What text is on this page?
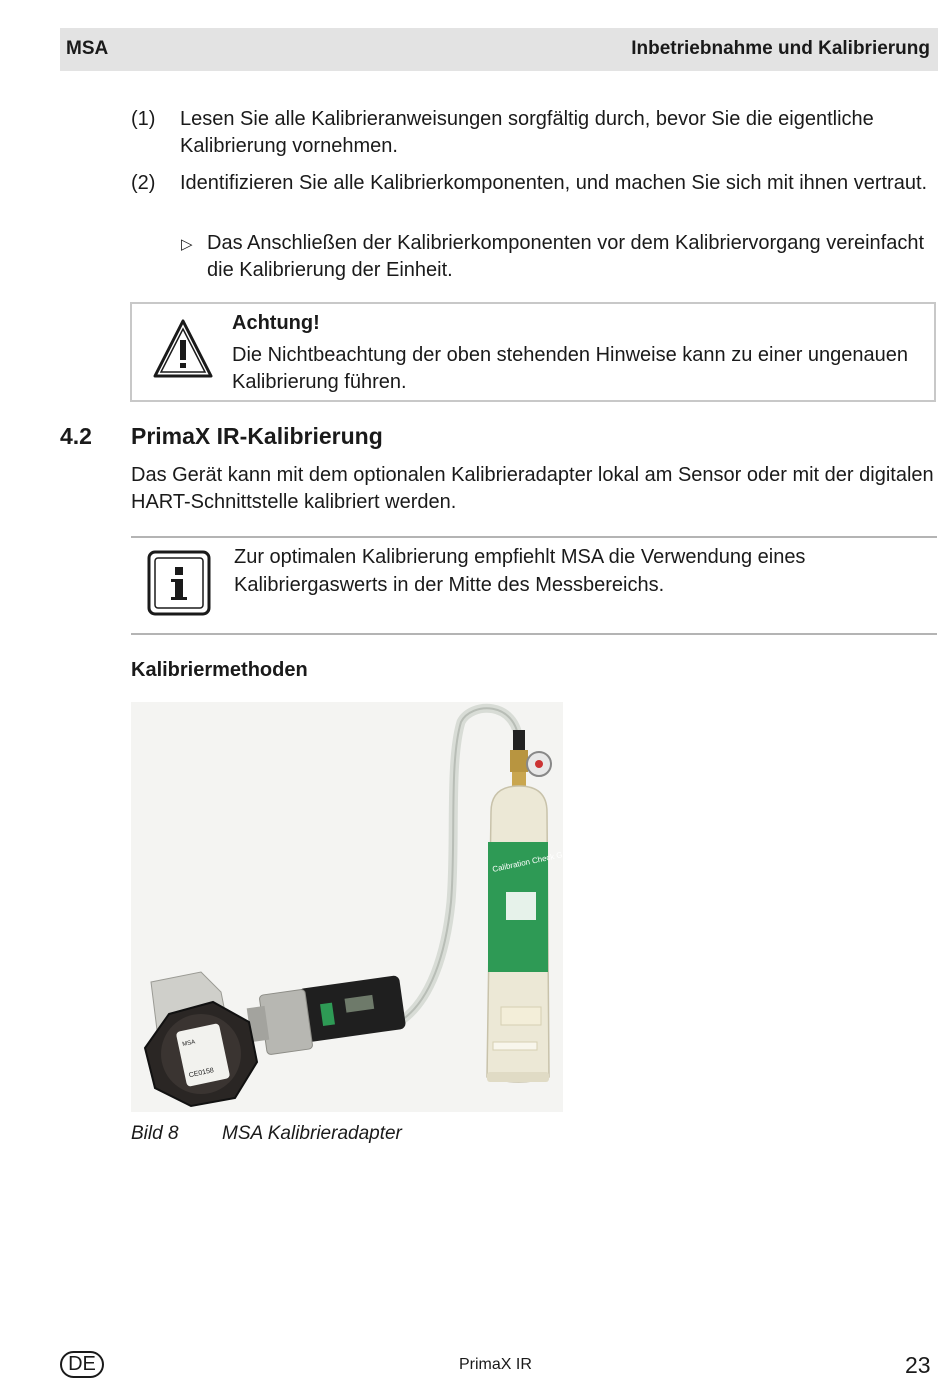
MSA	Inbetriebnahme und Kalibrierung
(1) Lesen Sie alle Kalibrieranweisungen sorgfältig durch, bevor Sie die eigentliche Kalibrierung vornehmen.
(2) Identifizieren Sie alle Kalibrierkomponenten, und machen Sie sich mit ihnen vertraut.
▷ Das Anschließen der Kalibrierkomponenten vor dem Kalibriervorgang vereinfacht die Kalibrierung der Einheit.
Achtung!
Die Nichtbeachtung der oben stehenden Hinweise kann zu einer ungenauen Kalibrierung führen.
4.2 PrimaX IR-Kalibrierung
Das Gerät kann mit dem optionalen Kalibrieradapter lokal am Sensor oder mit der digitalen HART-Schnittstelle kalibriert werden.
Zur optimalen Kalibrierung empfiehlt MSA die Verwendung eines Kalibriergaswerts in der Mitte des Messbereichs.
Kalibriermethoden
Calibration Check Gas
MSA
CE0158
Bild 8 MSA Kalibrieradapter
DE	PrimaX IR	23
